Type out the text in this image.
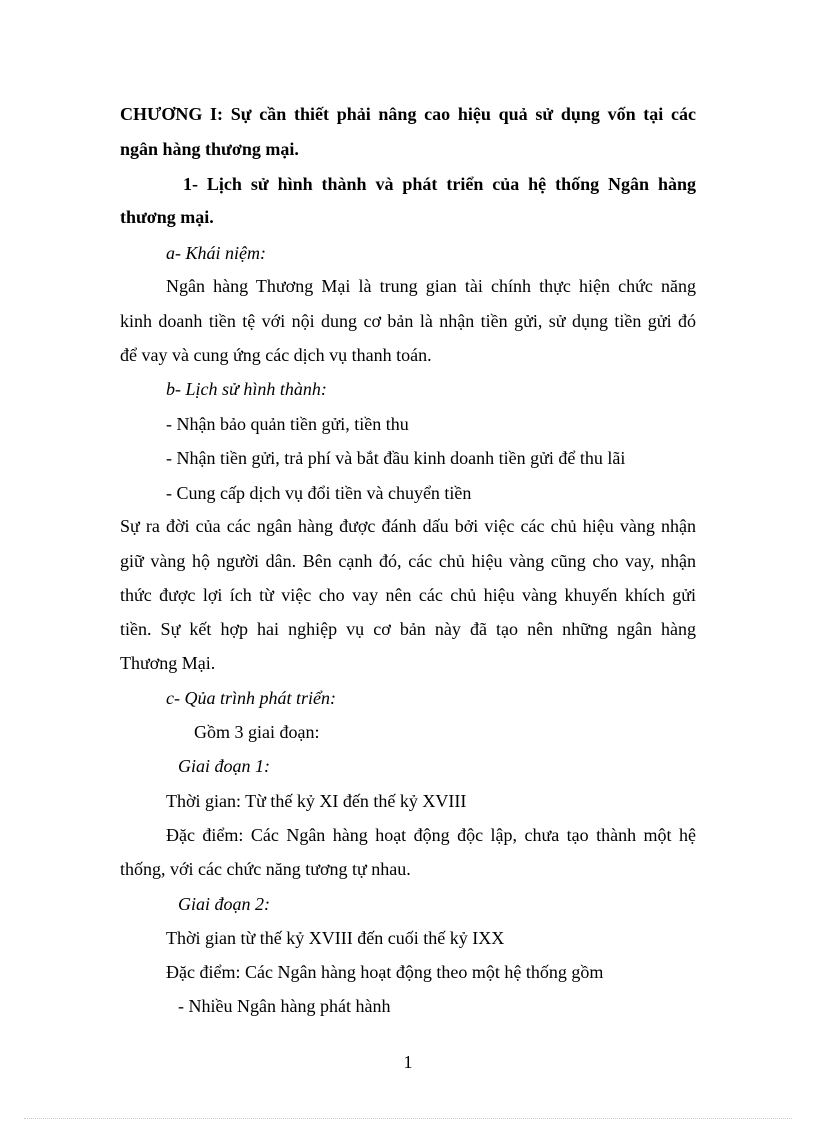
CHƯƠNG I: Sự cần thiết phải nâng cao hiệu quả sử dụng vốn tại các
ngân hàng thương mại.
1- Lịch sử hình thành và phát triển của hệ thống Ngân hàng
thương mại.
a- Khái niệm:
Ngân hàng Thương Mại là trung gian tài chính thực hiện chức năng
kinh doanh tiền tệ với nội dung cơ bản là nhận tiền gửi, sử dụng tiền gửi đó
để vay và cung ứng các dịch vụ thanh toán.
b- Lịch sử hình thành:
- Nhận bảo quản tiền gửi, tiền thu
- Nhận tiền gửi, trả phí và bắt đầu kinh doanh tiền gửi để thu lãi
- Cung cấp dịch vụ đổi tiền và chuyển tiền
Sự ra đời của các ngân hàng được đánh dấu bởi việc các chủ hiệu vàng nhận
giữ vàng hộ người dân. Bên cạnh đó, các chủ hiệu vàng cũng cho vay, nhận
thức được lợi ích từ việc cho vay nên các chủ hiệu vàng khuyến khích gửi
tiền. Sự kết hợp hai nghiệp vụ cơ bản này đã tạo nên những ngân hàng
Thương Mại.
c- Qủa trình phát triển:
Gồm 3 giai đoạn:
Giai đoạn 1:
Thời gian: Từ thế kỷ XI đến thế kỷ XVIII
Đặc điểm: Các Ngân hàng hoạt động độc lập, chưa tạo thành một hệ
thống, với các chức năng tương tự nhau.
Giai đoạn 2:
Thời gian từ thế kỷ XVIII đến cuối thế kỷ IXX
Đặc điểm: Các Ngân hàng hoạt động theo một hệ thống gồm
- Nhiều Ngân hàng phát hành
1
